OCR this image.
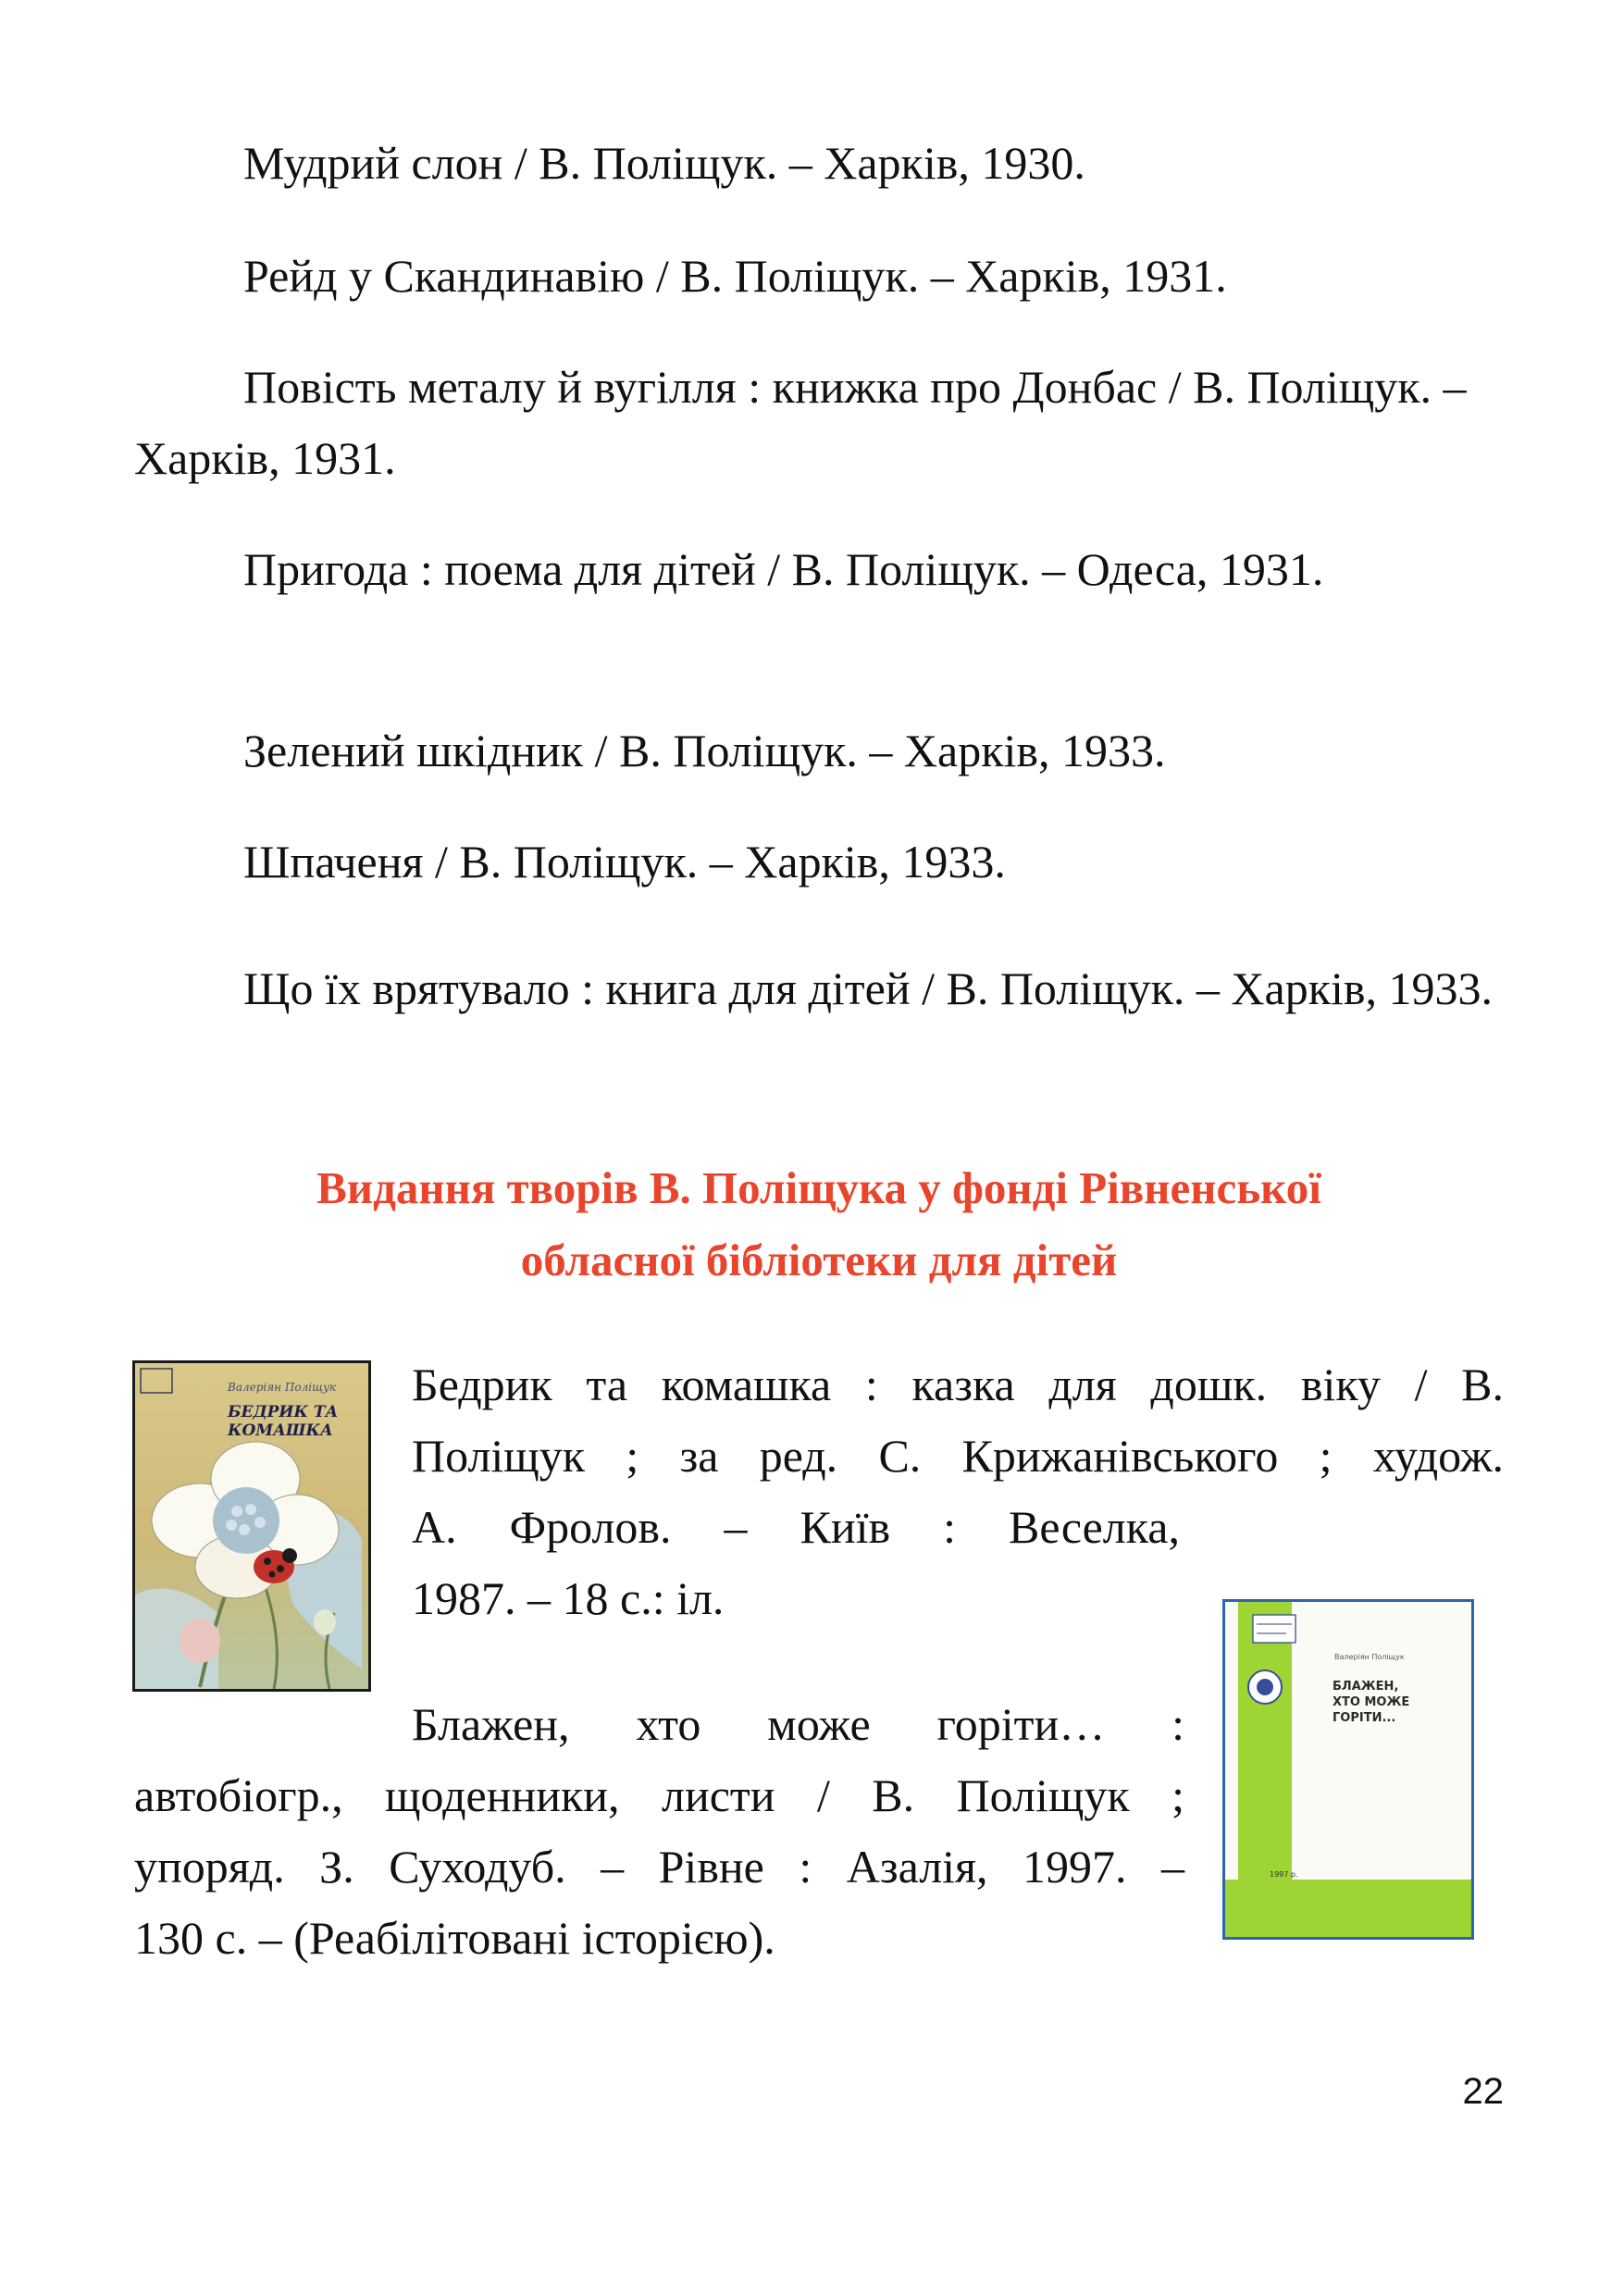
Мудрий слон / В. Поліщук. – Харків, 1930.

Рейд у Скандинавію / В. Поліщук. – Харків, 1931.

Повість металу й вугілля : книжка про Донбас / В. Поліщук. – Харків, 1931.

Пригода : поема для дітей / В. Поліщук. – Одеса, 1931.

Зелений шкідник / В. Поліщук. – Харків, 1933.

Шпаченя / В. Поліщук. – Харків, 1933.

Що їх врятувало : книга для дітей / В. Поліщук. – Харків, 1933.

Видання творів В. Поліщука у фонді Рівненської
обласної бібліотеки для дітей
Валерiян Полiщук
БЕДРИК ТА
КОМАШКА
Бедрик та комашка : казка для дошк. віку / В.
Поліщук ; за ред. С. Крижанівського ; худож.
А. Фролов. – Київ : Веселка,
1987. – 18 с.: іл.
Блажен, хто може горіти… :
автобіогр., щоденники, листи / В. Поліщук ;
упоряд. З. Суходуб. – Рівне : Азалія, 1997. –
130 с. – (Реабілітовані історією).
Валерiян Полiщук
БЛАЖЕН,
ХТО МОЖЕ
ГОРІТИ...
1997 р.
22
